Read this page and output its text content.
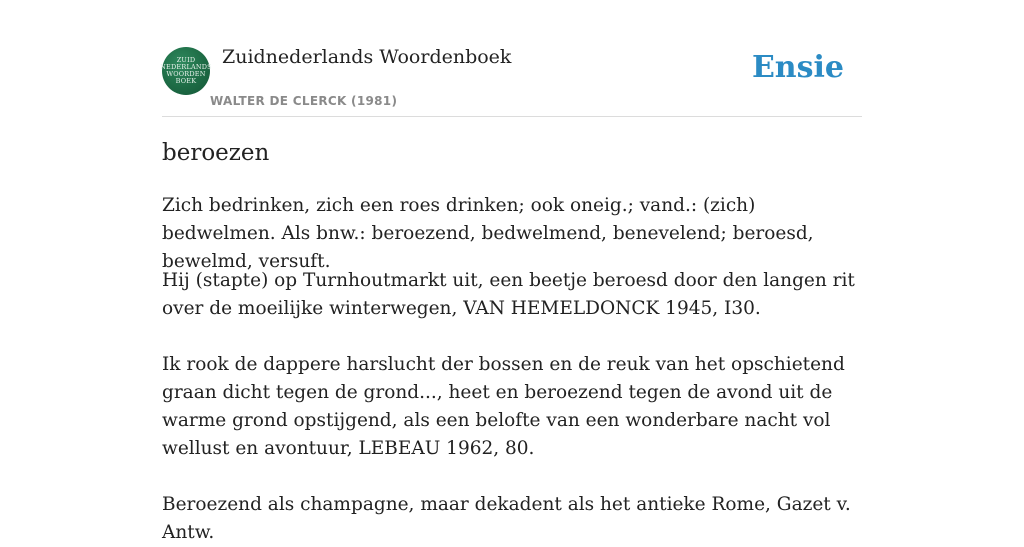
ZUID
NEDERLANDS
WOORDEN
BOEK
Zuidnederlands Woordenboek
WALTER DE CLERCK (1981)
Ensie
beroezen

Zich bedrinken, zich een roes drinken; ook oneig.; vand.: (zich) bedwelmen. Als bnw.: beroezend, bedwelmend, benevelend; beroesd, bewelmd, versuft.

Hij (stapte) op Turnhoutmarkt uit, een beetje beroesd door den langen rit over de moeilijke winterwegen, VAN HEMELDONCK 1945, I30.

Ik rook de dappere harslucht der bossen en de reuk van het opschietend graan dicht tegen de grond..., heet en beroezend tegen de avond uit de warme grond opstijgend, als een belofte van een wonderbare nacht vol wellust en avontuur, LEBEAU 1962, 80.

Beroezend als champagne, maar dekadent als het antieke Rome, Gazet v. Antw.
